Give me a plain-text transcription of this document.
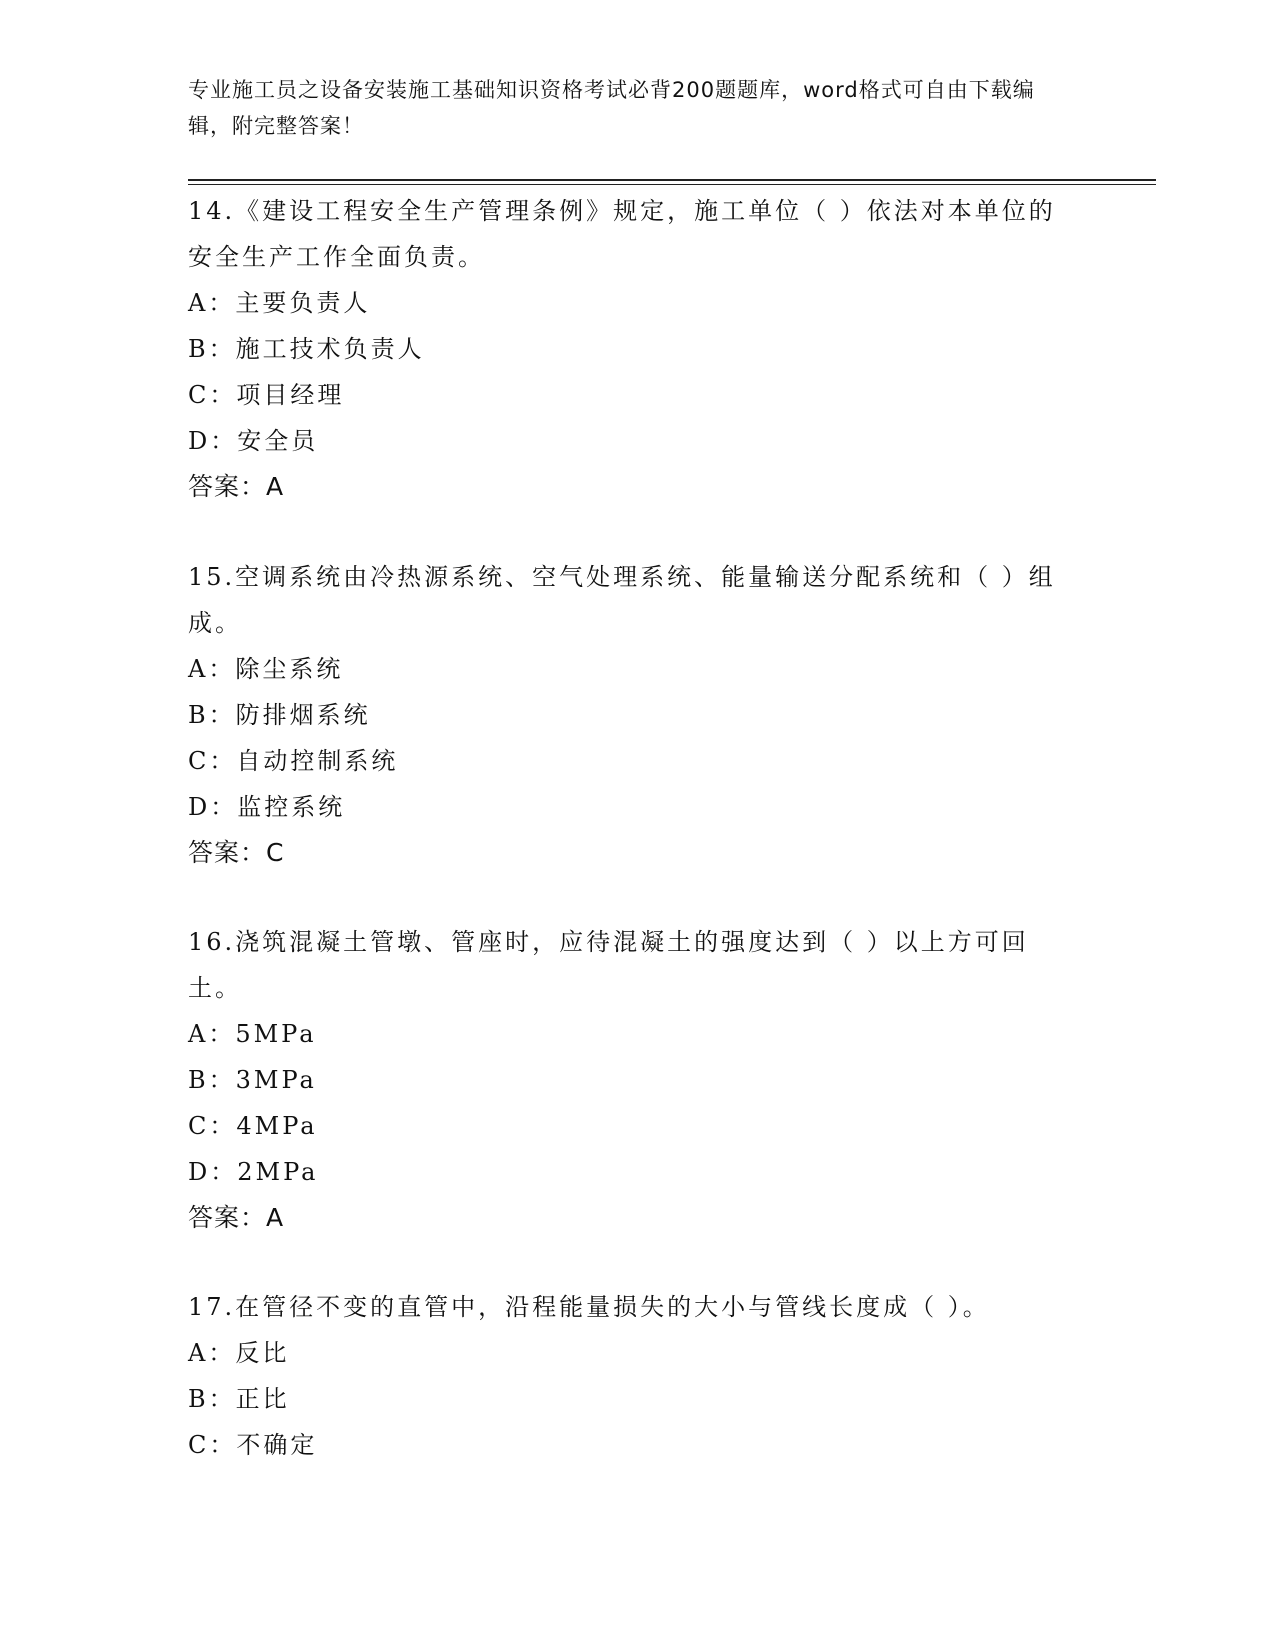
专业施工员之设备安装施工基础知识资格考试必背200题题库，word格式可自由下载编辑，附完整答案！
14.《建设工程安全生产管理条例》规定，施工单位（ ）依法对本单位的安全生产工作全面负责。
A：主要负责人
B：施工技术负责人
C：项目经理
D：安全员
答案：A
15.空调系统由冷热源系统、空气处理系统、能量输送分配系统和（ ）组成。
A：除尘系统
B：防排烟系统
C：自动控制系统
D：监控系统
答案：C
16.浇筑混凝土管墩、管座时，应待混凝土的强度达到（ ）以上方可回土。
A：5MPa
B：3MPa
C：4MPa
D：2MPa
答案：A
17.在管径不变的直管中，沿程能量损失的大小与管线长度成（ ）。
A：反比
B：正比
C：不确定
